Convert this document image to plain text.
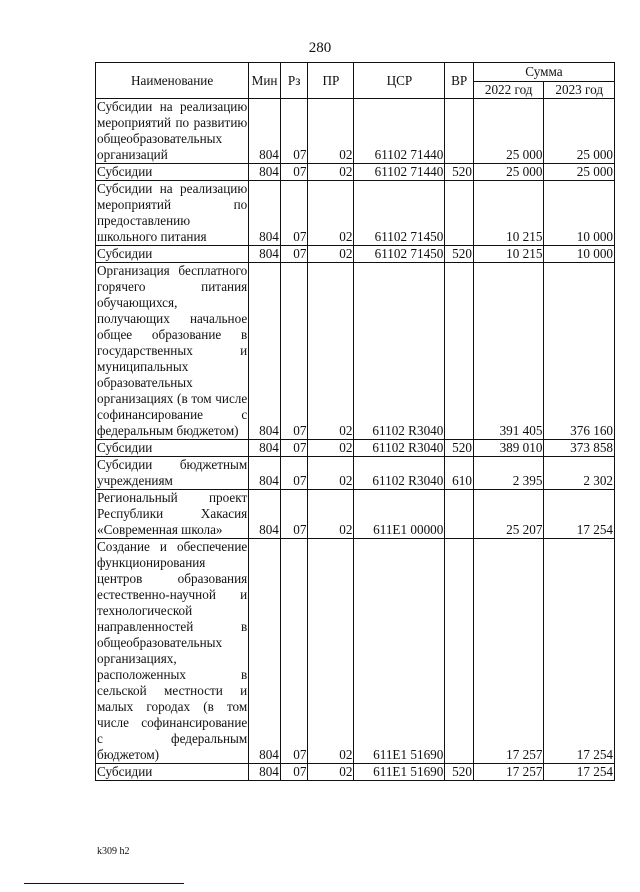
280
Наименование	Мин	Рз	ПР	ЦСР	ВР	Сумма	
						2022 год	2023 год
Субсидии на реализацию мероприятий по развитию общеобразовательных организаций	804	07	02	61102 71440		25 000	25 000
Субсидии	804	07	02	61102 71440	520	25 000	25 000
Субсидии на реализацию мероприятий по предоставлению школьного питания	804	07	02	61102 71450		10 215	10 000
Субсидии	804	07	02	61102 71450	520	10 215	10 000
Организация бесплатного горячего питания обучающихся, получающих начальное общее образование в государственных и муниципальных образовательных организациях (в том числе софинансирование с федеральным бюджетом)	804	07	02	61102 R3040		391 405	376 160
Субсидии	804	07	02	61102 R3040	520	389 010	373 858
Субсидии бюджетным учреждениям	804	07	02	61102 R3040	610	2 395	2 302
Региональный проект Республики Хакасия «Современная школа»	804	07	02	611E1 00000		25 207	17 254
Создание и обеспечение функционирования центров образования естественно-научной и технологической направленностей в общеобразовательных организациях, расположенных в сельской местности и малых городах (в том числе софинансирование с федеральным бюджетом)	804	07	02	611E1 51690		17 257	17 254
Субсидии	804	07	02	611E1 51690	520	17 257	17 254
k309 h2
